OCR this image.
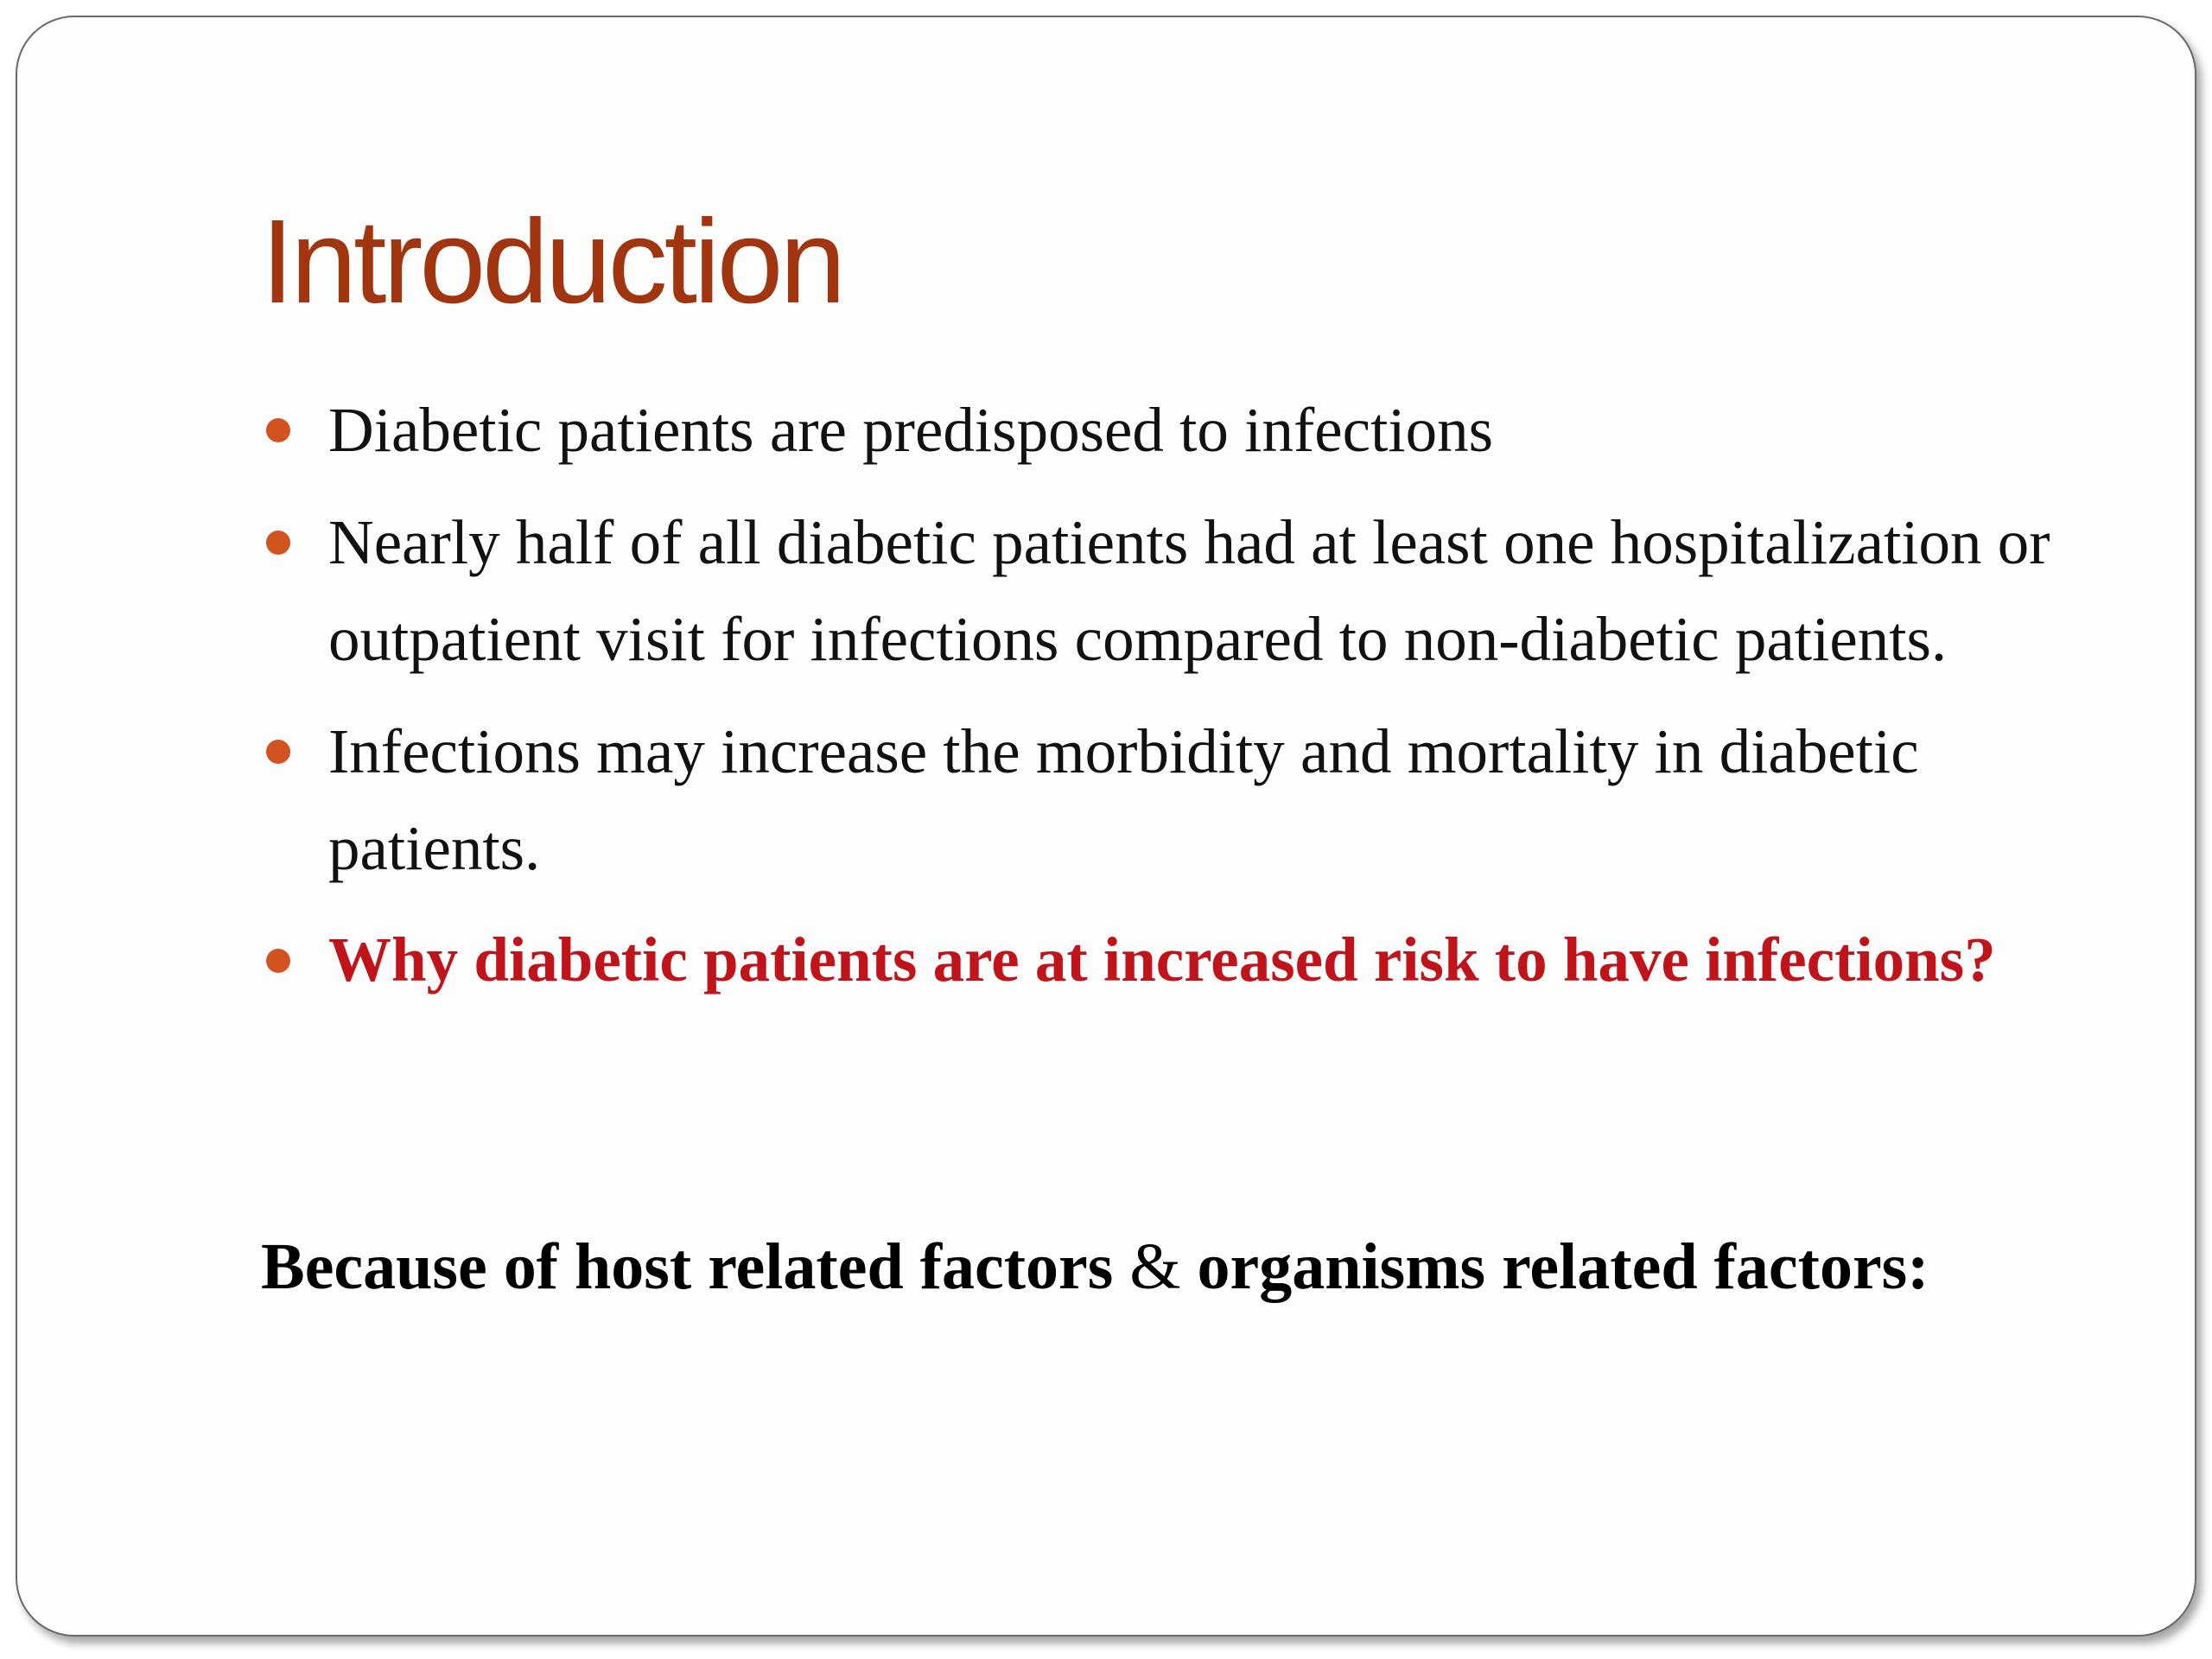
Introduction
Diabetic patients are predisposed to infections
Nearly half of all diabetic patients had at least one hospitalization or outpatient visit for infections compared to non-diabetic patients.
Infections may increase the morbidity and mortality in diabetic patients.
Why diabetic patients are at increased risk to have infections?

Because of host related factors & organisms related factors:
